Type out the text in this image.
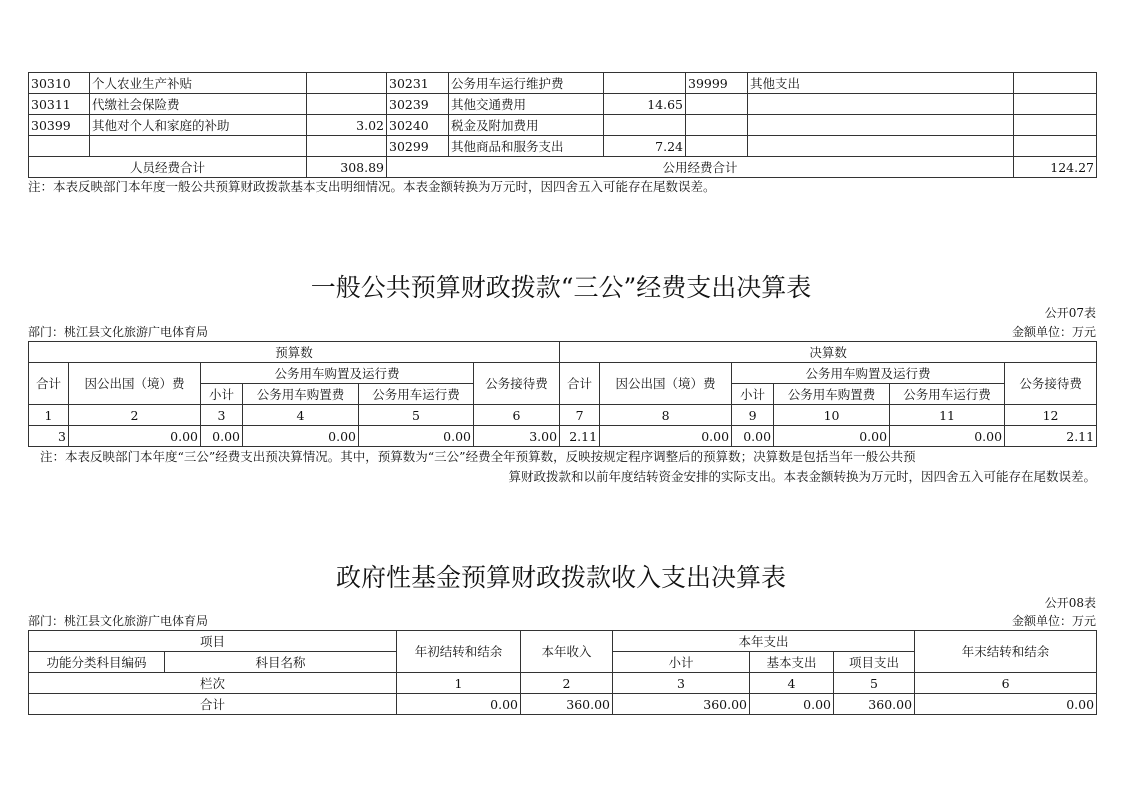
30310	个人农业生产补贴		30231	公务用车运行维护费		39999	其他支出	
30311	代缴社会保险费		30239	其他交通费用	14.65			
30399	其他对个人和家庭的补助	3.02	30240	税金及附加费用				
			30299	其他商品和服务支出	7.24			
人员经费合计		308.89	公用经费合计					124.27
注：本表反映部门本年度一般公共预算财政拨款基本支出明细情况。本表金额转换为万元时，因四舍五入可能存在尾数误差。
一般公共预算财政拨款“三公”经费支出决算表
公开07表
部门：桃江县文化旅游广电体育局	金额单位：万元
预算数						决算数					
合计	因公出国（境）费	公务用车购置及运行费			公务接待费	合计	因公出国（境）费	公务用车购置及运行费			公务接待费
		小计	公务用车购置费	公务用车运行费				小计	公务用车购置费	公务用车运行费	
1	2	3	4	5	6	7	8	9	10	11	12
3	0.00	0.00	0.00	0.00	3.00	2.11	0.00	0.00	0.00	0.00	2.11
注：本表反映部门本年度“三公”经费支出预决算情况。其中，预算数为“三公”经费全年预算数，反映按规定程序调整后的预算数；决算数是包括当年一般公共预
算财政拨款和以前年度结转资金安排的实际支出。本表金额转换为万元时，因四舍五入可能存在尾数误差。
政府性基金预算财政拨款收入支出决算表
公开08表
部门：桃江县文化旅游广电体育局	金额单位：万元
项目		年初结转和结余	本年收入	本年支出			年末结转和结余
功能分类科目编码	科目名称			小计	基本支出	项目支出	
栏次		1	2	3	4	5	6
合计		0.00	360.00	360.00	0.00	360.00	0.00
